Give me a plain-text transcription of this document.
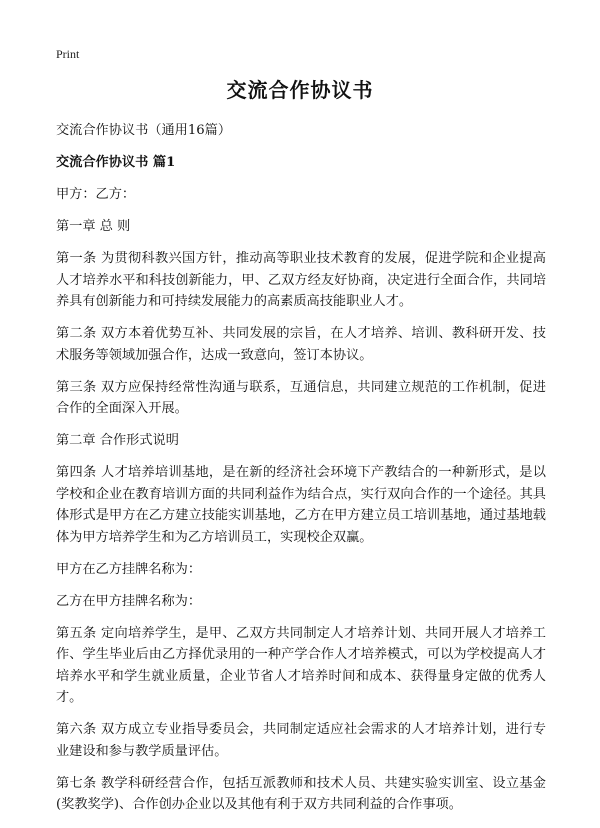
Print
交流合作协议书

交流合作协议书（通用16篇）

交流合作协议书 篇1

甲方：乙方：

第一章 总 则

第一条 为贯彻科教兴国方针，推动高等职业技术教育的发展，促进学院和企业提高人才培养水平和科技创新能力，甲、乙双方经友好协商，决定进行全面合作，共同培养具有创新能力和可持续发展能力的高素质高技能职业人才。

第二条 双方本着优势互补、共同发展的宗旨，在人才培养、培训、教科研开发、技术服务等领域加强合作，达成一致意向，签订本协议。

第三条 双方应保持经常性沟通与联系，互通信息，共同建立规范的工作机制，促进合作的全面深入开展。

第二章 合作形式说明

第四条 人才培养培训基地，是在新的经济社会环境下产教结合的一种新形式，是以学校和企业在教育培训方面的共同利益作为结合点，实行双向合作的一个途径。其具体形式是甲方在乙方建立技能实训基地，乙方在甲方建立员工培训基地，通过基地载体为甲方培养学生和为乙方培训员工，实现校企双赢。

甲方在乙方挂牌名称为：

乙方在甲方挂牌名称为：

第五条 定向培养学生，是甲、乙双方共同制定人才培养计划、共同开展人才培养工作、学生毕业后由乙方择优录用的一种产学合作人才培养模式，可以为学校提高人才培养水平和学生就业质量，企业节省人才培养时间和成本、获得量身定做的优秀人才。

第六条 双方成立专业指导委员会，共同制定适应社会需求的人才培养计划，进行专业建设和参与教学质量评估。

第七条 教学科研经营合作，包括互派教师和技术人员、共建实验实训室、设立基金(奖教奖学)、合作创办企业以及其他有利于双方共同利益的合作事项。
